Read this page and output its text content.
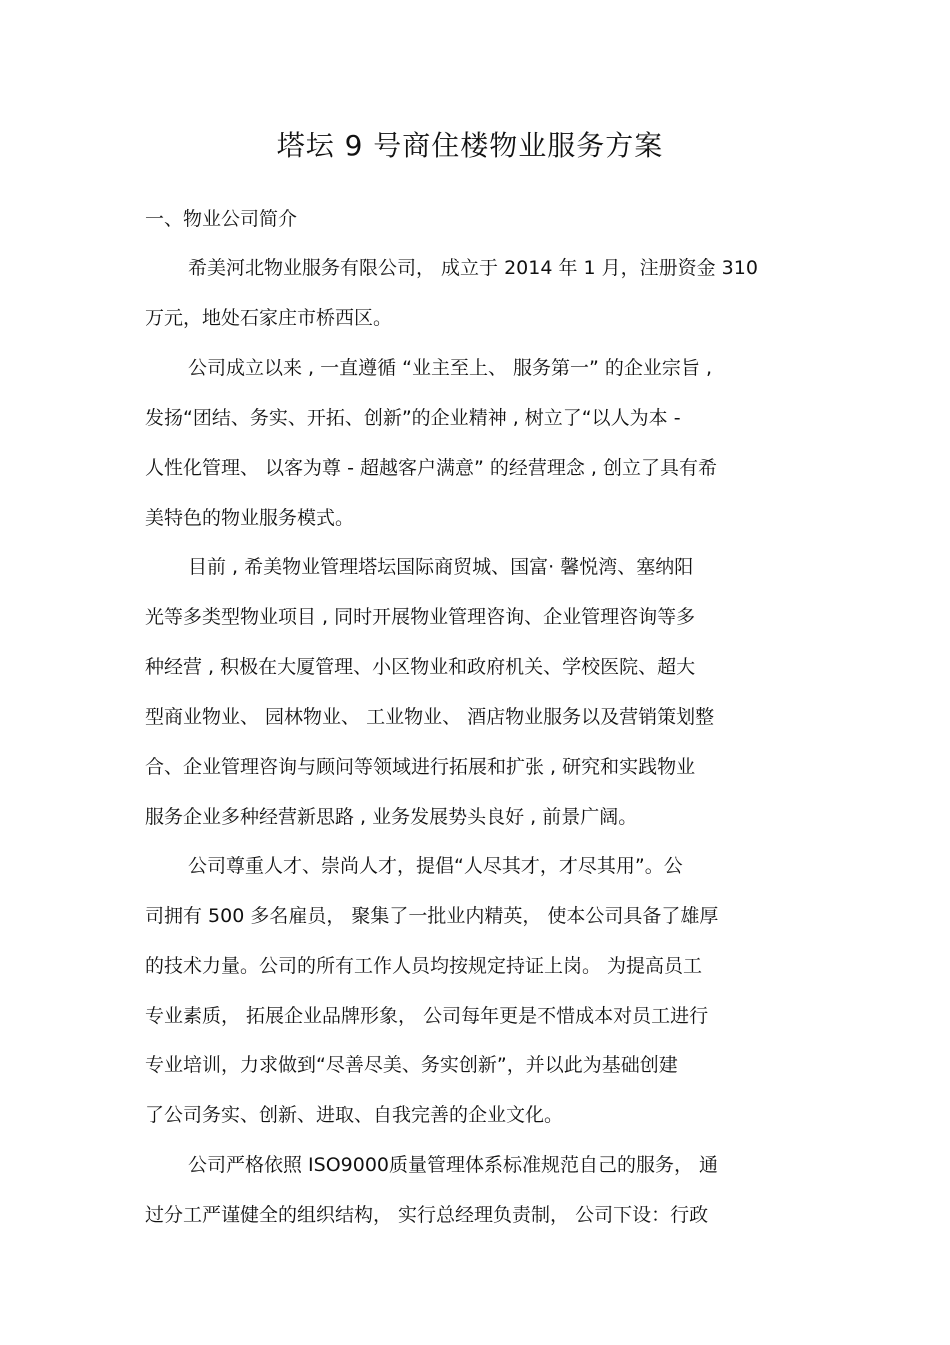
塔坛 9 号商住楼物业服务方案
一、物业公司简介
希美河北物业服务有限公司， 成立于 2014 年 1 月，注册资金 310
万元，地处石家庄市桥西区。
公司成立以来 , 一直遵循 “业主至上、 服务第一” 的企业宗旨 ,
发扬“团结、务实、开拓、创新”的企业精神 , 树立了“以人为本 -
人性化管理、 以客为尊 - 超越客户满意” 的经营理念 , 创立了具有希
美特色的物业服务模式。
目前 , 希美物业管理塔坛国际商贸城、国富· 馨悦湾、塞纳阳
光等多类型物业项目 , 同时开展物业管理咨询、企业管理咨询等多
种经营 , 积极在大厦管理、小区物业和政府机关、学校医院、超大
型商业物业、 园林物业、 工业物业、 酒店物业服务以及营销策划整
合、企业管理咨询与顾问等领域进行拓展和扩张 , 研究和实践物业
服务企业多种经营新思路 , 业务发展势头良好 , 前景广阔。
公司尊重人才、崇尚人才，提倡“人尽其才，才尽其用”。公
司拥有 500 多名雇员， 聚集了一批业内精英， 使本公司具备了雄厚
的技术力量。公司的所有工作人员均按规定持证上岗。 为提高员工
专业素质， 拓展企业品牌形象， 公司每年更是不惜成本对员工进行
专业培训，力求做到“尽善尽美、务实创新”，并以此为基础创建
了公司务实、创新、进取、自我完善的企业文化。
公司严格依照 ISO9000质量管理体系标准规范自己的服务， 通
过分工严谨健全的组织结构， 实行总经理负责制， 公司下设：行政
